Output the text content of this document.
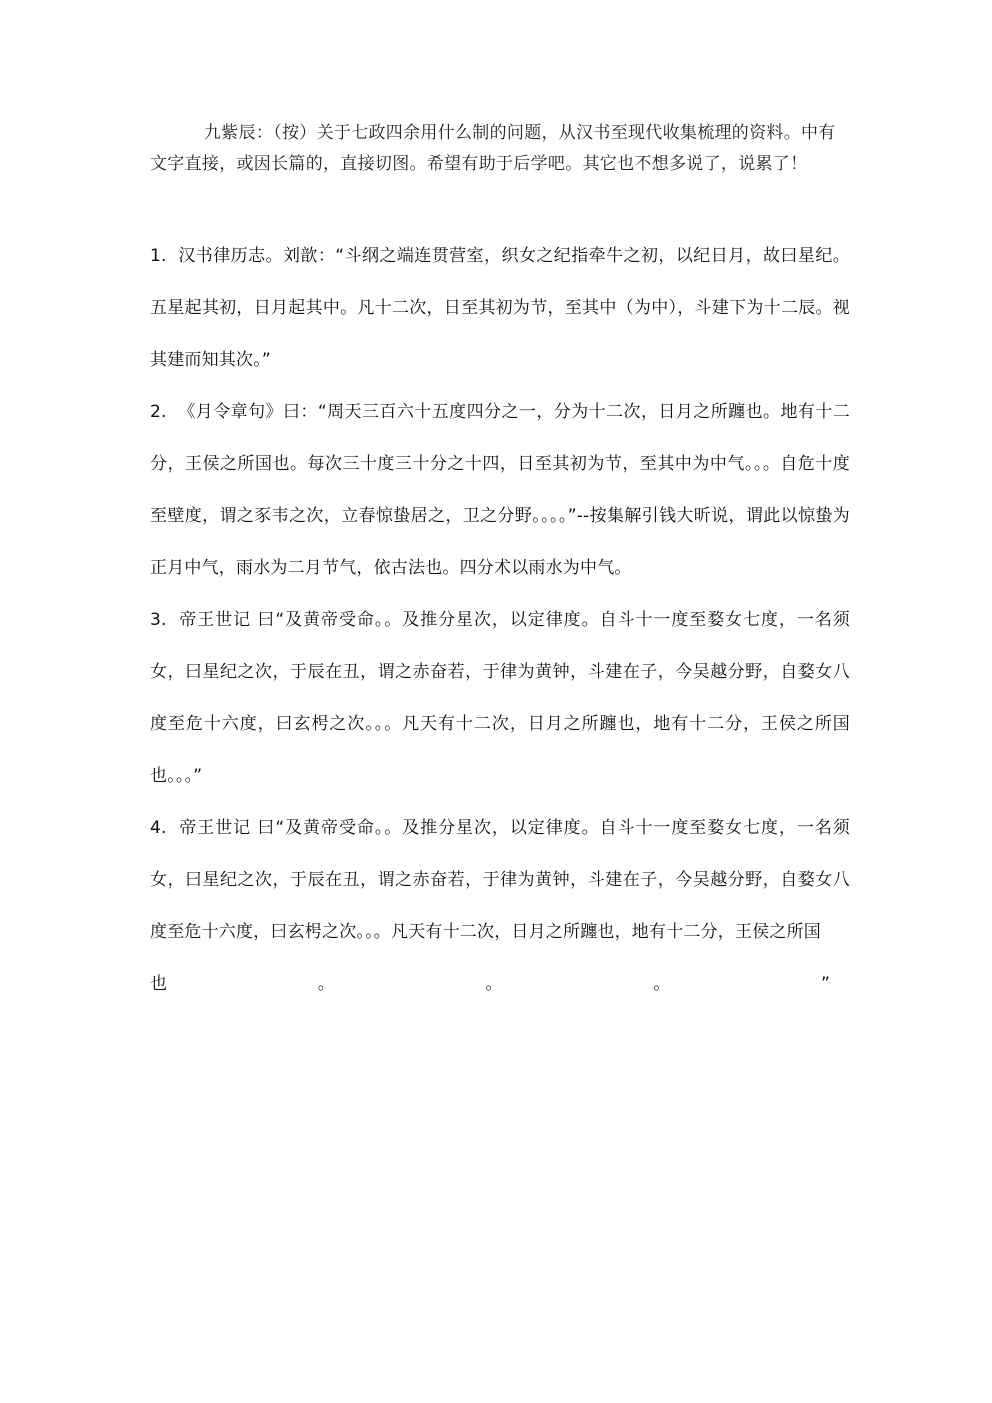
九紫辰：（按）关于七政四余用什么制的问题，从汉书至现代收集梳理的资料。中有文字直接，或因长篇的，直接切图。希望有助于后学吧。其它也不想多说了，说累了！

1. 汉书律历志。刘歆：“斗纲之端连贯营室，织女之纪指牵牛之初，以纪日月，故曰星纪。五星起其初，日月起其中。凡十二次，日至其初为节，至其中（为中），斗建下为十二辰。视其建而知其次。”

2. 《月令章句》曰：“周天三百六十五度四分之一，分为十二次，日月之所躔也。地有十二分，王侯之所国也。每次三十度三十分之十四，日至其初为节，至其中为中气。。。自危十度至壁度，谓之豕韦之次，立春惊蛰居之，卫之分野。。。。”--按集解引钱大昕说，谓此以惊蛰为正月中气，雨水为二月节气，依古法也。四分术以雨水为中气。

3. 帝王世记 曰“及黄帝受命。。及推分星次，以定律度。自斗十一度至婺女七度，一名须女，曰星纪之次，于辰在丑，谓之赤奋若，于律为黄钟，斗建在子，今吴越分野，自婺女八度至危十六度，曰玄枵之次。。。凡天有十二次，日月之所躔也，地有十二分，王侯之所国也。。。”

4. 帝王世记 曰“及黄帝受命。。及推分星次，以定律度。自斗十一度至婺女七度，一名须女，曰星纪之次，于辰在丑，谓之赤奋若，于律为黄钟，斗建在子，今吴越分野，自婺女八度至危十六度，曰玄枵之次。。。凡天有十二次，日月之所躔也，地有十二分，王侯之所国

也	。	。	。	”
